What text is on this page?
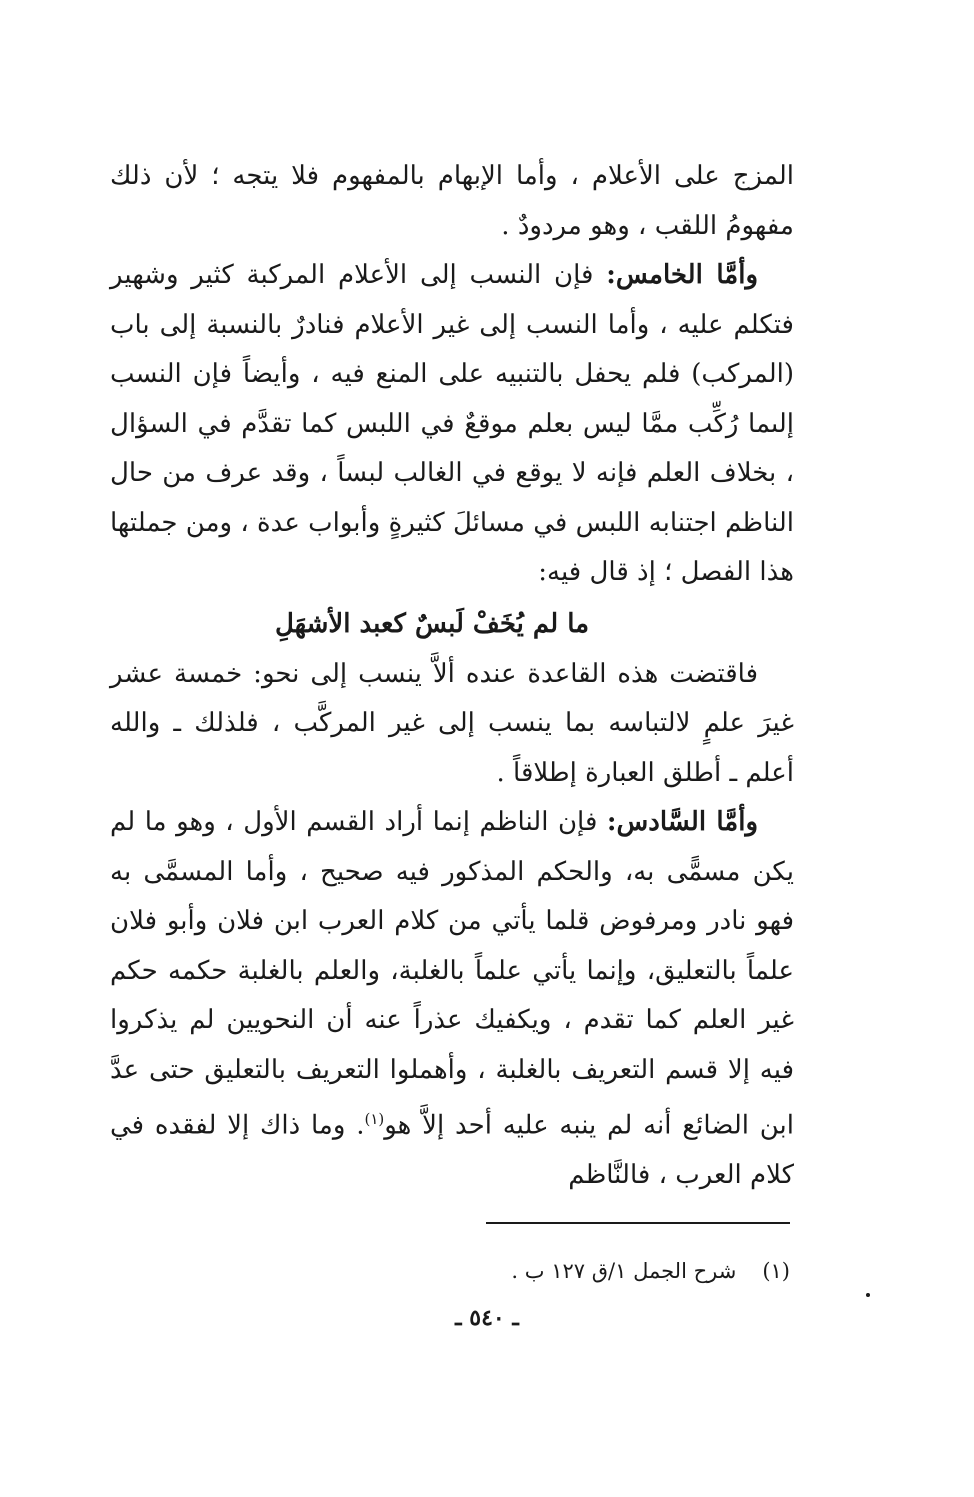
المزج على الأعلام ، وأما الإبهام بالمفهوم فلا يتجه ؛ لأن ذلك مفهومُ اللقب ، وهو مردودٌ .

وأمَّا الخامس: فإن النسب إلى الأعلام المركبة كثير وشهير فتكلم عليه ، وأما النسب إلى غير الأعلام فنادرٌ بالنسبة إلى باب (المركب) فلم يحفل بالتنبيه على المنع فيه ، وأيضاً فإن النسب إلىما رُكِّب ممَّا ليس بعلم موقعٌ في اللبس كما تقدَّم في السؤال ، بخلاف العلم فإنه لا يوقع في الغالب لبساً ، وقد عرف من حال الناظم اجتنابه اللبس في مسائلَ كثيرةٍ وأبواب عدة ، ومن جملتها هذا الفصل ؛ إذ قال فيه:

ما لم يُخَفْ لَبسٌ كعبد الأشهَلِ

فاقتضت هذه القاعدة عنده ألاَّ ينسب إلى نحو: خمسة عشر غيرَ علمٍ لالتباسه بما ينسب إلى غير المركَّب ، فلذلك ـ والله أعلم ـ أطلق العبارة إطلاقاً .

وأمَّا السَّادس: فإن الناظم إنما أراد القسم الأول ، وهو ما لم يكن مسمًّى به، والحكم المذكور فيه صحيح ، وأما المسمَّى به فهو نادر ومرفوض قلما يأتي من كلام العرب ابن فلان وأبو فلان علماً بالتعليق، وإنما يأتي علماً بالغلبة، والعلم بالغلبة حكمه حكم غير العلم كما تقدم ، ويكفيك عذراً عنه أن النحويين لم يذكروا فيه إلا قسم التعريف بالغلبة ، وأهملوا التعريف بالتعليق حتى عدَّ ابن الضائع أنه لم ينبه عليه أحد إلاَّ هو$^{(١)}$. وما ذاك إلا لفقده في كلام العرب ، فالنَّاظم

(١)شرح الجمل ١/ق ١٢٧ ب .
ـ ٥٤٠ ـ
